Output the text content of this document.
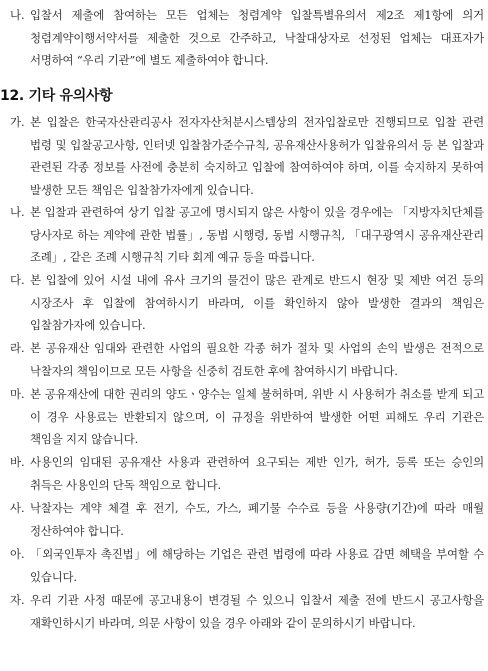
나. 입찰서 제출에 참여하는 모든 업체는 청렴계약 입찰특별유의서 제2조 제1항에 의거 청렴계약이행서약서를 제출한 것으로 간주하고, 낙찰대상자로 선정된 업체는 대표자가 서명하여 “우리 기관”에 별도 제출하여야 합니다.
12. 기타 유의사항
가. 본 입찰은 한국자산관리공사 전자자산처분시스템상의 전자입찰로만 진행되므로 입찰 관련 법령 및 입찰공고사항, 인터넷 입찰참가준수규칙, 공유재산사용허가 입찰유의서 등 본 입찰과 관련된 각종 정보를 사전에 충분히 숙지하고 입찰에 참여하여야 하며, 이를 숙지하지 못하여 발생한 모든 책임은 입찰참가자에게 있습니다.
나. 본 입찰과 관련하여 상기 입찰 공고에 명시되지 않은 사항이 있을 경우에는 「지방자치단체를 당사자로 하는 계약에 관한 법률」, 동법 시행령, 동법 시행규칙, 「대구광역시 공유재산관리 조례」, 같은 조례 시행규칙 기타 회계 예규 등을 따릅니다.
다. 본 입찰에 있어 시설 내에 유사 크기의 물건이 많은 관계로 반드시 현장 및 제반 여건 등의 시장조사 후 입찰에 참여하시기 바라며, 이를 확인하지 않아 발생한 결과의 책임은 입찰참가자에 있습니다.
라. 본 공유재산 임대와 관련한 사업의 필요한 각종 허가 절차 및 사업의 손익 발생은 전적으로 낙찰자의 책임이므로 모든 사항을 신중히 검토한 후에 참여하시기 바랍니다.
마. 본 공유재산에 대한 권리의 양도ㆍ양수는 일체 불허하며, 위반 시 사용허가 취소를 받게 되고 이 경우 사용료는 반환되지 않으며, 이 규정을 위반하여 발생한 어떤 피해도 우리 기관은 책임을 지지 않습니다.
바. 사용인의 임대된 공유재산 사용과 관련하여 요구되는 제반 인가, 허가, 등록 또는 승인의 취득은 사용인의 단독 책임으로 합니다.
사. 낙찰자는 계약 체결 후 전기, 수도, 가스, 폐기물 수수료 등을 사용량(기간)에 따라 매월 정산하여야 합니다.
아. 「외국인투자 촉진법」에 해당하는 기업은 관련 법령에 따라 사용료 감면 혜택을 부여할 수 있습니다.
자. 우리 기관 사정 때문에 공고내용이 변경될 수 있으니 입찰서 제출 전에 반드시 공고사항을 재확인하시기 바라며, 의문 사항이 있을 경우 아래와 같이 문의하시기 바랍니다.
